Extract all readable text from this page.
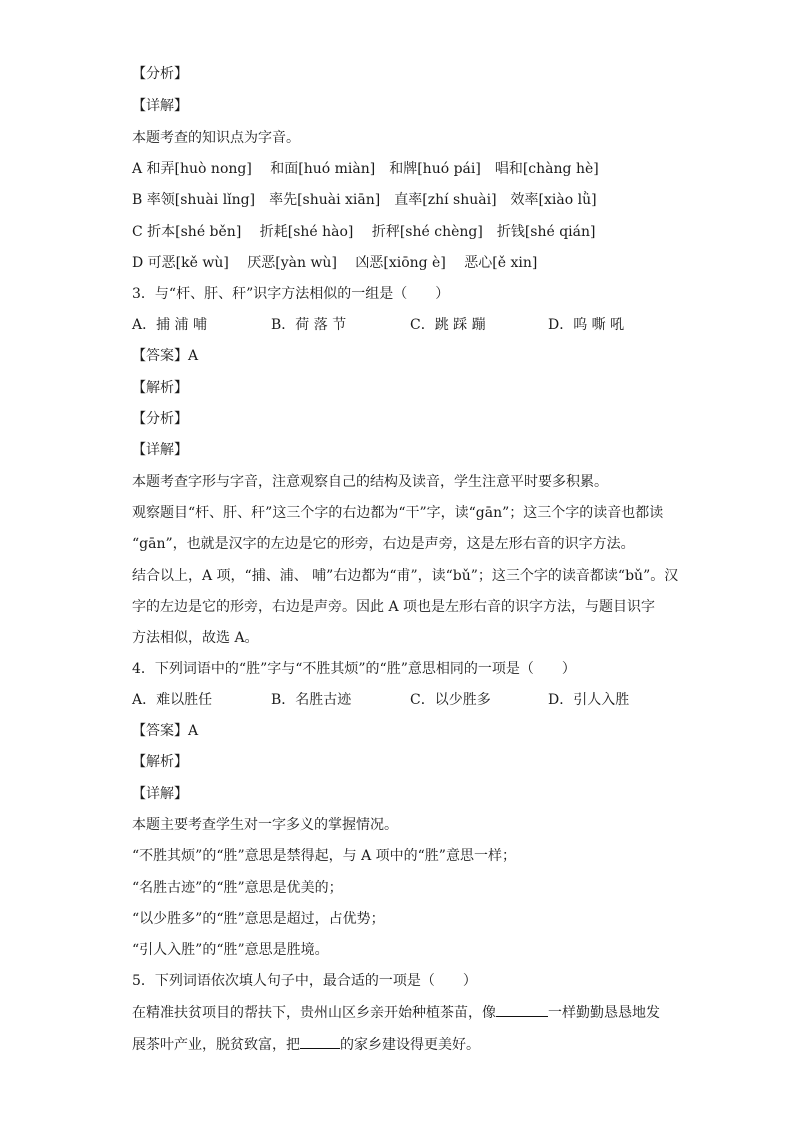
【分析】
【详解】
本题考查的知识点为字音。
A 和弄[huò nong]　 和面[huó miàn]　和牌[huó pái]　唱和[chàng hè]
B 率领[shuài lǐng]　率先[shuài xiān]　直率[zhí shuài]　效率[xiào lǜ]
C 折本[shé běn]　 折耗[shé hào]　 折秤[shé chèng]　折钱[shé qián]
D 可恶[kě wù]　 厌恶[yàn wù]　 凶恶[xiōng è]　 恶心[ě xin]
3．与“杆、肝、秆”识字方法相似的一组是（　　）
A．捕 浦 哺	B．荷 落 节	C．跳 踩 蹦	D．呜 嘶 吼
【答案】A
【解析】
【分析】
【详解】
本题考查字形与字音，注意观察自己的结构及读音，学生注意平时要多积累。
观察题目“杆、肝、秆”这三个字的右边都为“干”字，读“gān”；这三个字的读音也都读
“gān”，也就是汉字的左边是它的形旁，右边是声旁，这是左形右音的识字方法。
结合以上，A 项，“捕、浦、 哺”右边都为“甫”，读“bǔ”；这三个字的读音都读“bǔ”。汉
字的左边是它的形旁，右边是声旁。因此 A 项也是左形右音的识字方法，与题目识字
方法相似，故选 A。
4．下列词语中的“胜”字与“不胜其烦”的“胜”意思相同的一项是（　　）
A．难以胜任	B．名胜古迹	C．以少胜多	D．引人入胜
【答案】A
【解析】
【详解】
本题主要考查学生对一字多义的掌握情况。
“不胜其烦”的“胜”意思是禁得起，与 A 项中的“胜”意思一样；
“名胜古迹”的“胜”意思是优美的；
“以少胜多”的“胜”意思是超过，占优势；
“引人入胜”的“胜”意思是胜境。
5．下列词语依次填人句子中，最合适的一项是（　　）
在精准扶贫项目的帮扶下，贵州山区乡亲开始种植茶苗，像	一样勤勤恳恳地发
展茶叶产业，脱贫致富，把	的家乡建设得更美好。
